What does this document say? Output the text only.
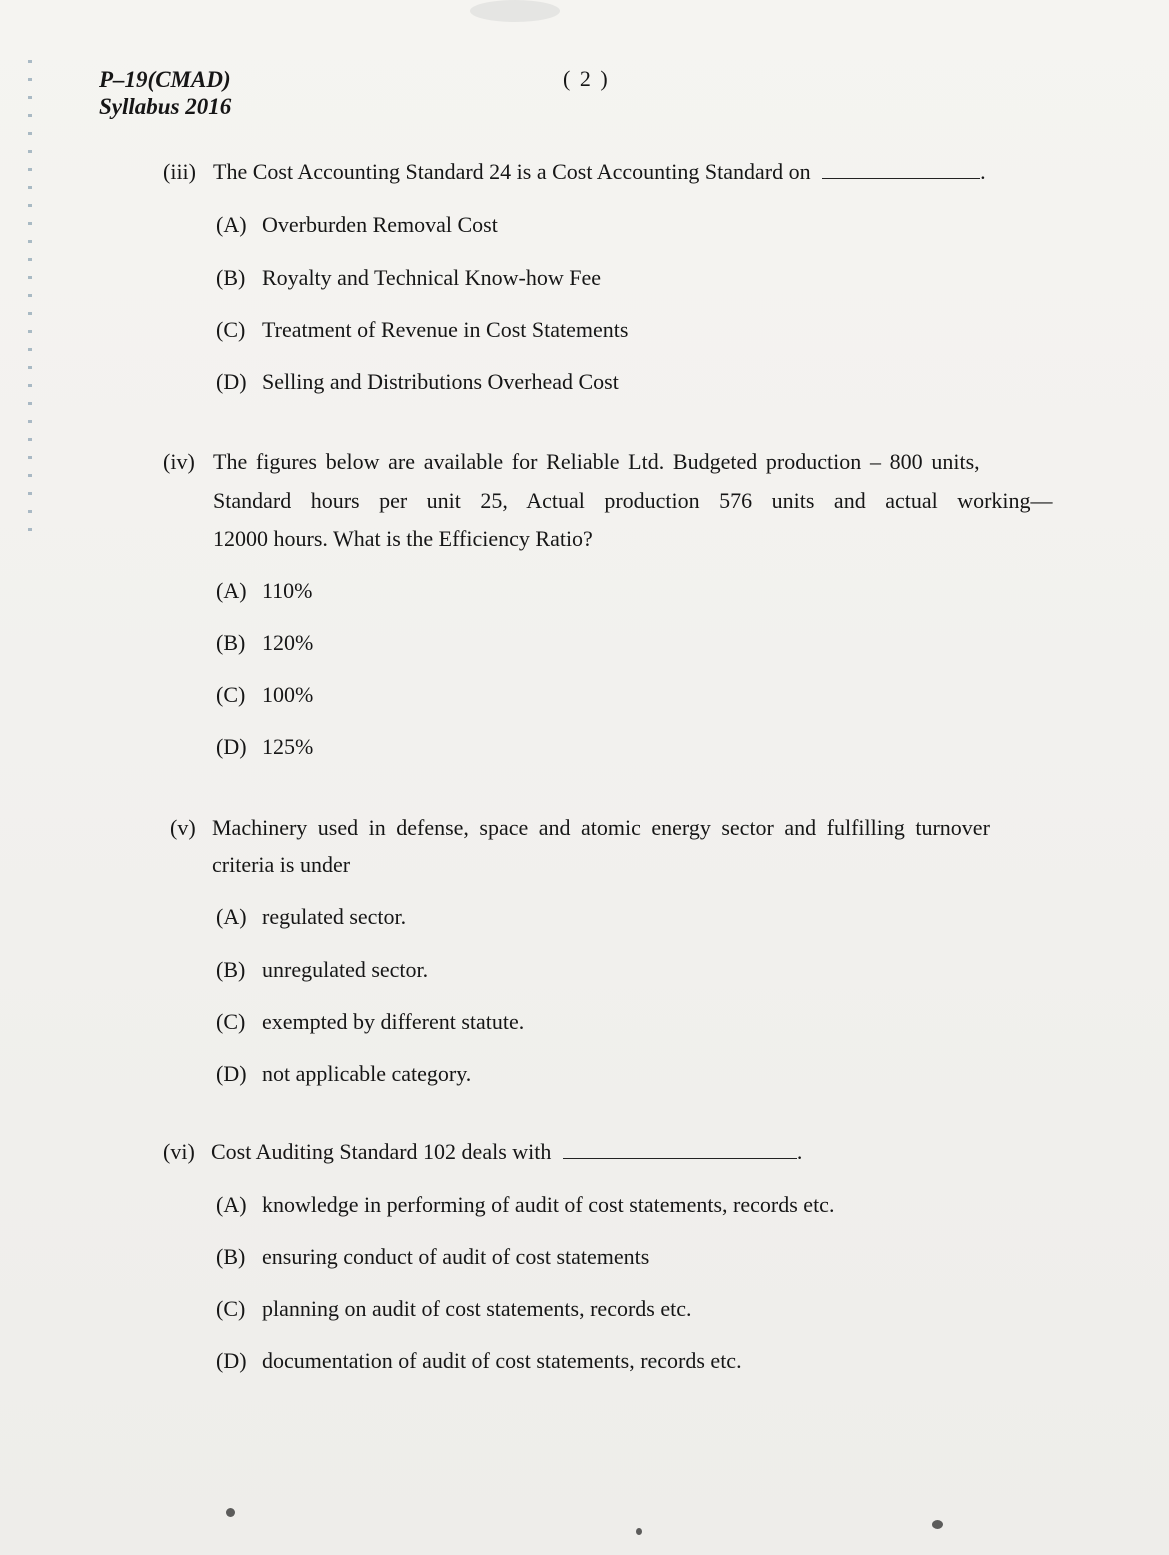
P–19(CMAD)
Syllabus 2016
( 2 )
(iii) The Cost Accounting Standard 24 is a Cost Accounting Standard on	.
(A) Overburden Removal Cost
(B) Royalty and Technical Know-how Fee
(C) Treatment of Revenue in Cost Statements
(D) Selling and Distributions Overhead Cost
(iv) The figures below are available for Reliable Ltd. Budgeted production – 800 units,
Standard hours per unit 25, Actual production 576 units and actual working—
12000 hours. What is the Efficiency Ratio?
(A) 110%
(B) 120%
(C) 100%
(D) 125%
(v) Machinery used in defense, space and atomic energy sector and fulfilling turnover
criteria is under
(A) regulated sector.
(B) unregulated sector.
(C) exempted by different statute.
(D) not applicable category.
(vi) Cost Auditing Standard 102 deals with	.
(A) knowledge in performing of audit of cost statements, records etc.
(B) ensuring conduct of audit of cost statements
(C) planning on audit of cost statements, records etc.
(D) documentation of audit of cost statements, records etc.
